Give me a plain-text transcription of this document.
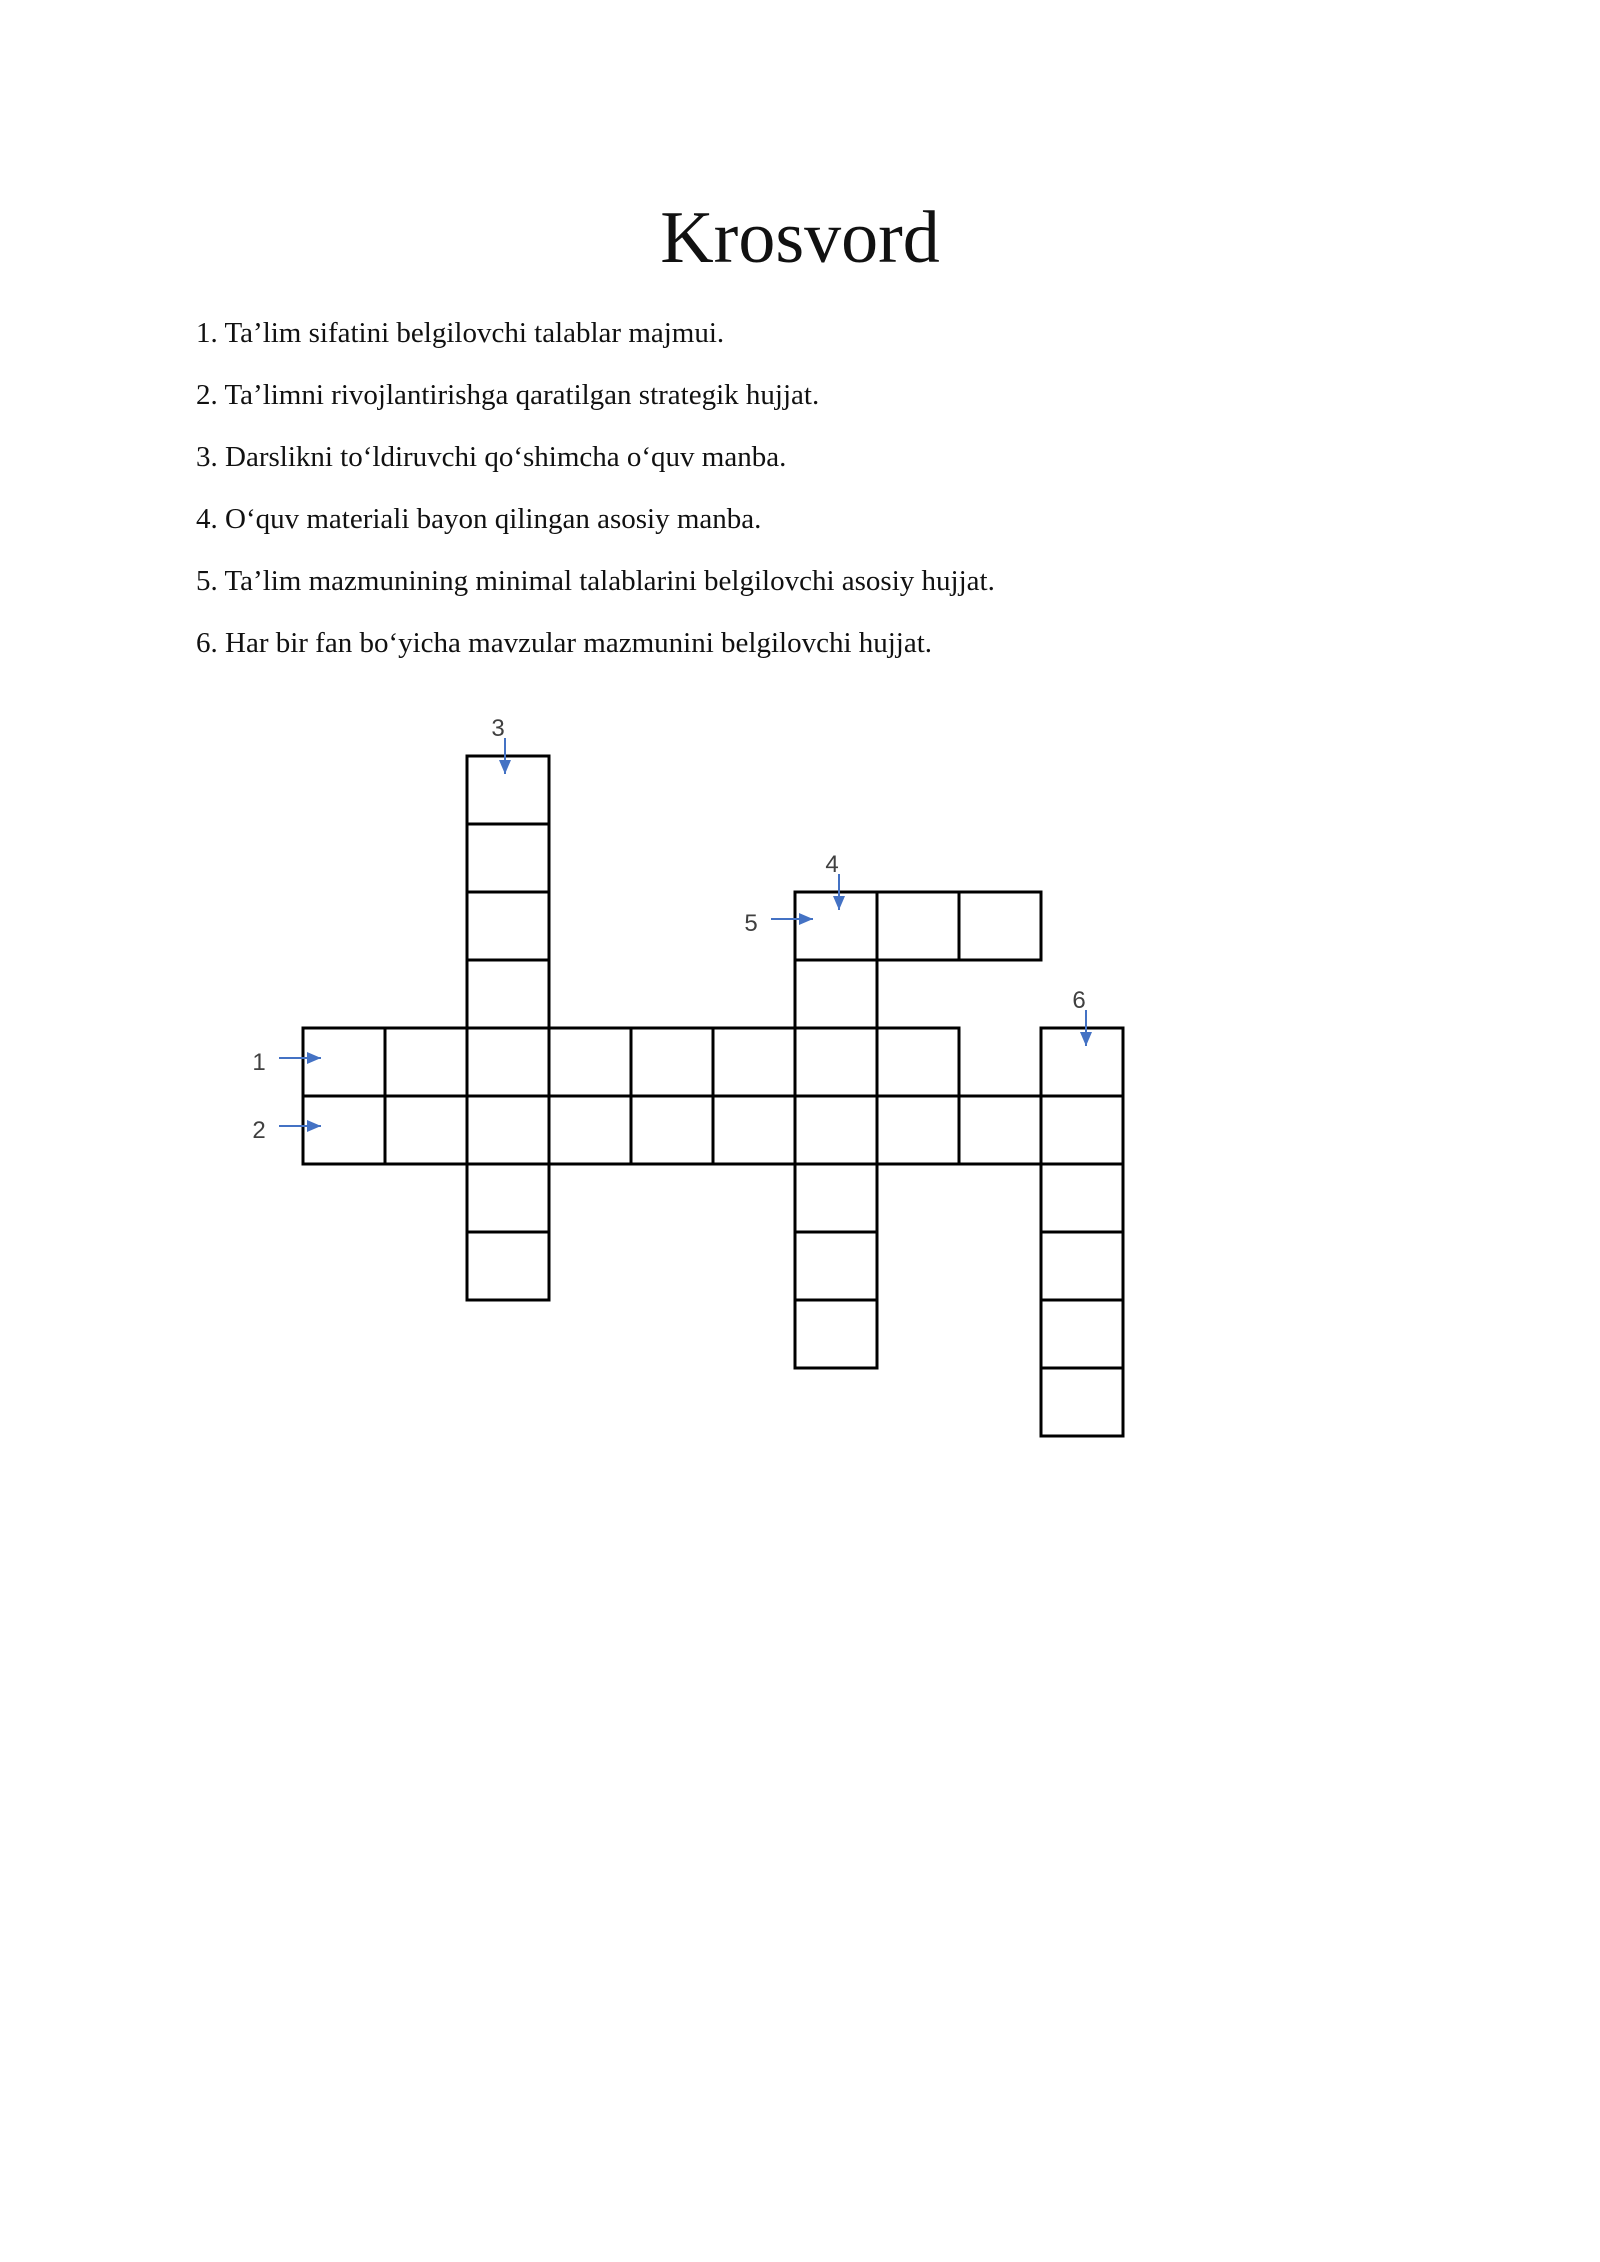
Krosvord
1. Ta’lim sifatini belgilovchi talablar majmui.
2. Ta’limni rivojlantirishga qaratilgan strategik hujjat.
3. Darslikni to‘ldiruvchi qo‘shimcha o‘quv manba.
4. O‘quv materiali bayon qilingan asosiy manba.
5. Ta’lim mazmunining minimal talablarini belgilovchi asosiy hujjat.
6. Har bir fan bo‘yicha mavzular mazmunini belgilovchi hujjat.
1
2
3
4
5
6
